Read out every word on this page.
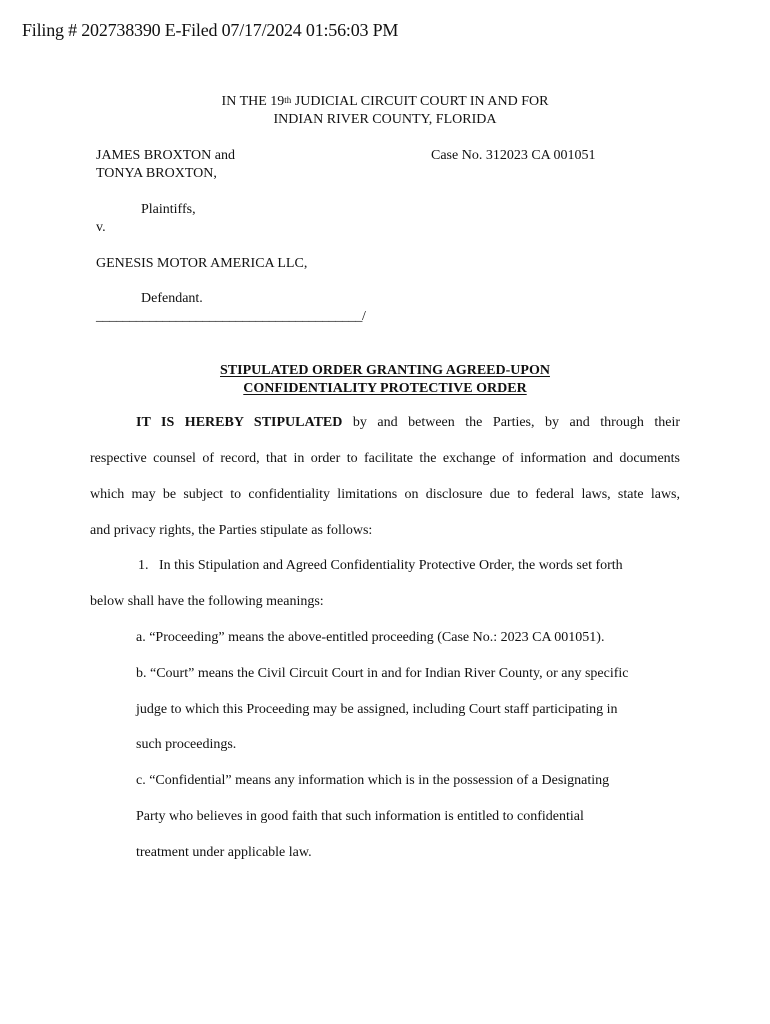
Filing # 202738390 E-Filed 07/17/2024 01:56:03 PM
IN THE 19th JUDICIAL CIRCUIT COURT IN AND FOR
INDIAN RIVER COUNTY, FLORIDA
JAMES BROXTON and
TONYA BROXTON,
Case No. 312023 CA 001051
Plaintiffs,
v.
GENESIS MOTOR AMERICA LLC,
Defendant.
________________________________________/
STIPULATED ORDER GRANTING AGREED-UPON
CONFIDENTIALITY PROTECTIVE ORDER
IT IS HEREBY STIPULATED by and between the Parties, by and through their
respective counsel of record, that in order to facilitate the exchange of information and documents
which may be subject to confidentiality limitations on disclosure due to federal laws, state laws,
and privacy rights, the Parties stipulate as follows:
1.   In this Stipulation and Agreed Confidentiality Protective Order, the words set forth
below shall have the following meanings:
a. “Proceeding” means the above-entitled proceeding (Case No.: 2023 CA 001051).
b. “Court” means the Civil Circuit Court in and for Indian River County, or any specific
judge to which this Proceeding may be assigned, including Court staff participating in
such proceedings.
c. “Confidential” means any information which is in the possession of a Designating
Party who believes in good faith that such information is entitled to confidential
treatment under applicable law.
